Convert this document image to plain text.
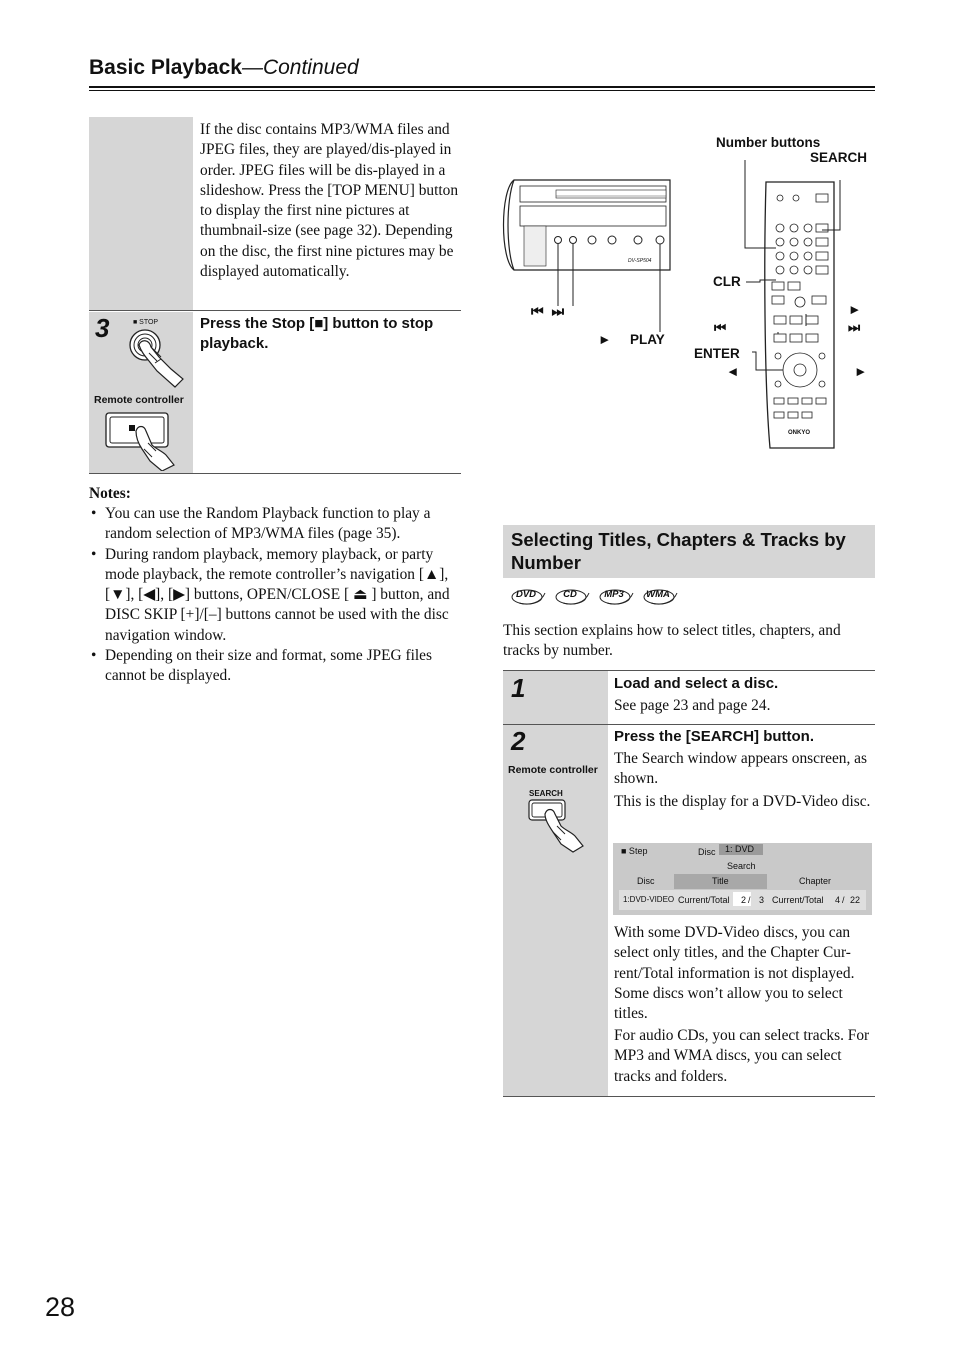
Basic Playback—Continued
If the disc contains MP3/WMA files and JPEG files, they are played/dis-played in order. JPEG files will be dis-played in a slideshow. Press the [TOP MENU] button to display the first nine pictures at thumbnail-size (see page 32). Depending on the disc, the first nine pictures may be displayed automatically.
3	■ STOP
Remote controller
Press the Stop [■] button to stop playback.
Notes:
• You can use the Random Playback function to play a random selection of MP3/WMA files (page 35).
• During random playback, memory playback, or party mode playback, the remote controller’s navigation [▲], [▼], [◀], [▶] buttons, OPEN/CLOSE [ ⏏ ] button, and DISC SKIP [+]/[–] buttons cannot be used with the disc navigation window.
• Depending on their size and format, some JPEG files cannot be displayed.
Number buttons
SEARCH
CLR
⏮ ⏭
► PLAY
ENTER
►
⏮	⏭
◄	►
DV-SP504
ONKYO
Selecting Titles, Chapters & Tracks by Number
DVD	CD	MP3	WMA
This section explains how to select titles, chapters, and tracks by number.
1	Load and select a disc.
See page 23 and page 24.
2
Remote controller
SEARCH
Press the [SEARCH] button.
The Search window appears onscreen, as shown.
This is the display for a DVD-Video disc.
With some DVD-Video discs, you can select only titles, and the Chapter Cur-rent/Total information is not displayed. Some discs won’t allow you to select titles.
For audio CDs, you can select tracks. For MP3 and WMA discs, you can select tracks and folders.
■ Step	Disc	1: DVD
Search
Disc	Title	Chapter
1:DVD-VIDEO Current/Total 2 / 3 Current/Total 4 / 22
28
